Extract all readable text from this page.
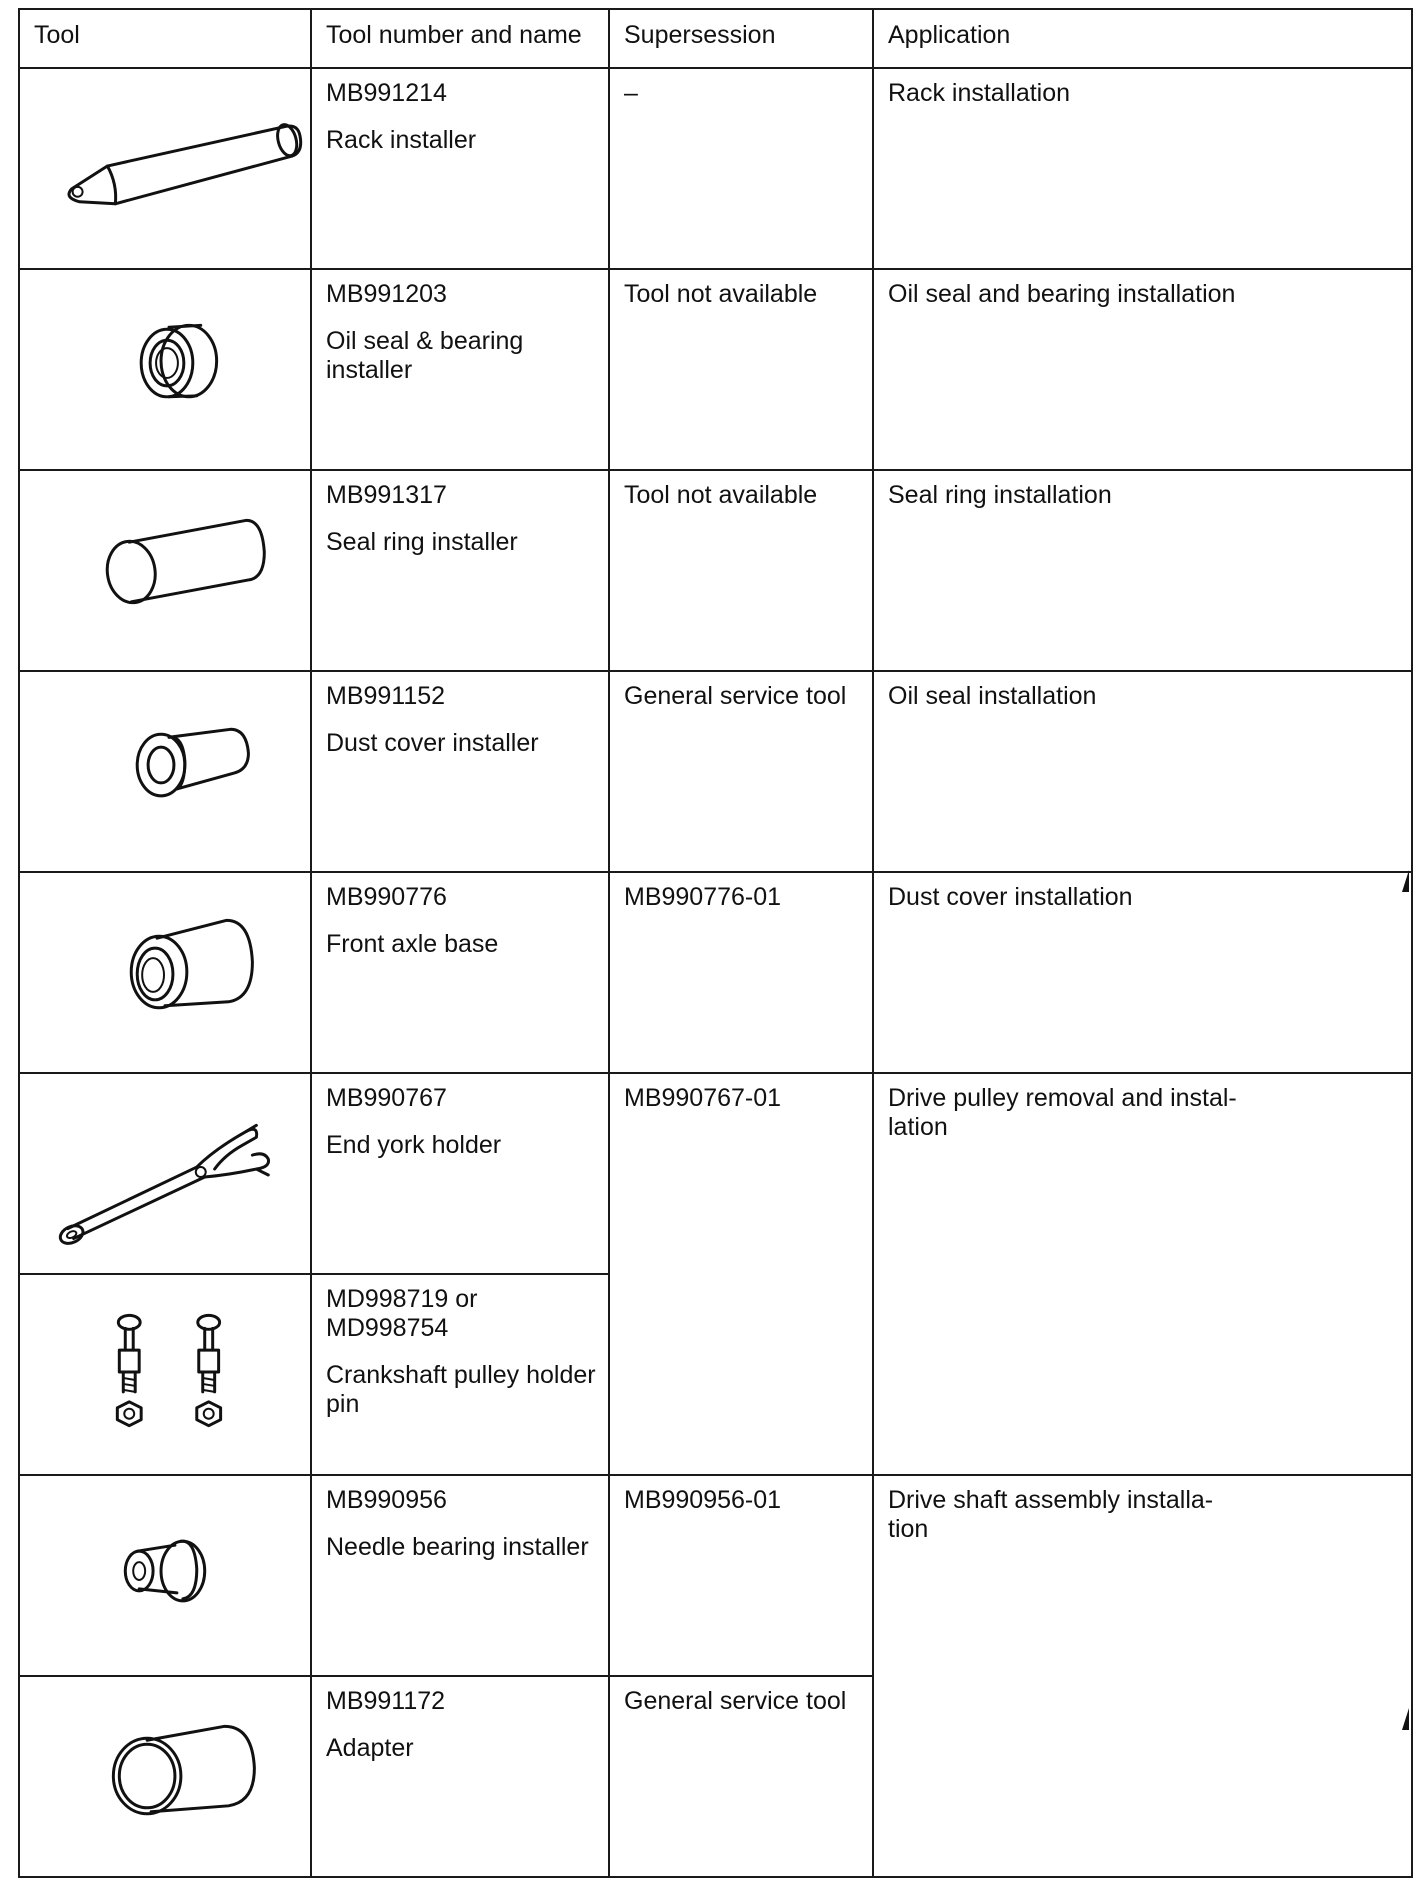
Tool	Tool number and name	Supersession	Application

MB991214
Rack installer	–	Rack installation

MB991203
Oil seal & bearing installer	Tool not available	Oil seal and bearing installation

MB991317
Seal ring installer	Tool not available	Seal ring installation

MB991152
Dust cover installer	General service tool	Oil seal installation

MB990776
Front axle base	MB990776-01	Dust cover installation

MB990767
End york holder	MB990767-01	Drive pulley removal and instal-
lation

MD998719 or
MD998754
Crankshaft pulley holder pin		

MB990956
Needle bearing installer	MB990956-01	Drive shaft assembly installa-
tion

MB991172
Adapter	General service tool	
